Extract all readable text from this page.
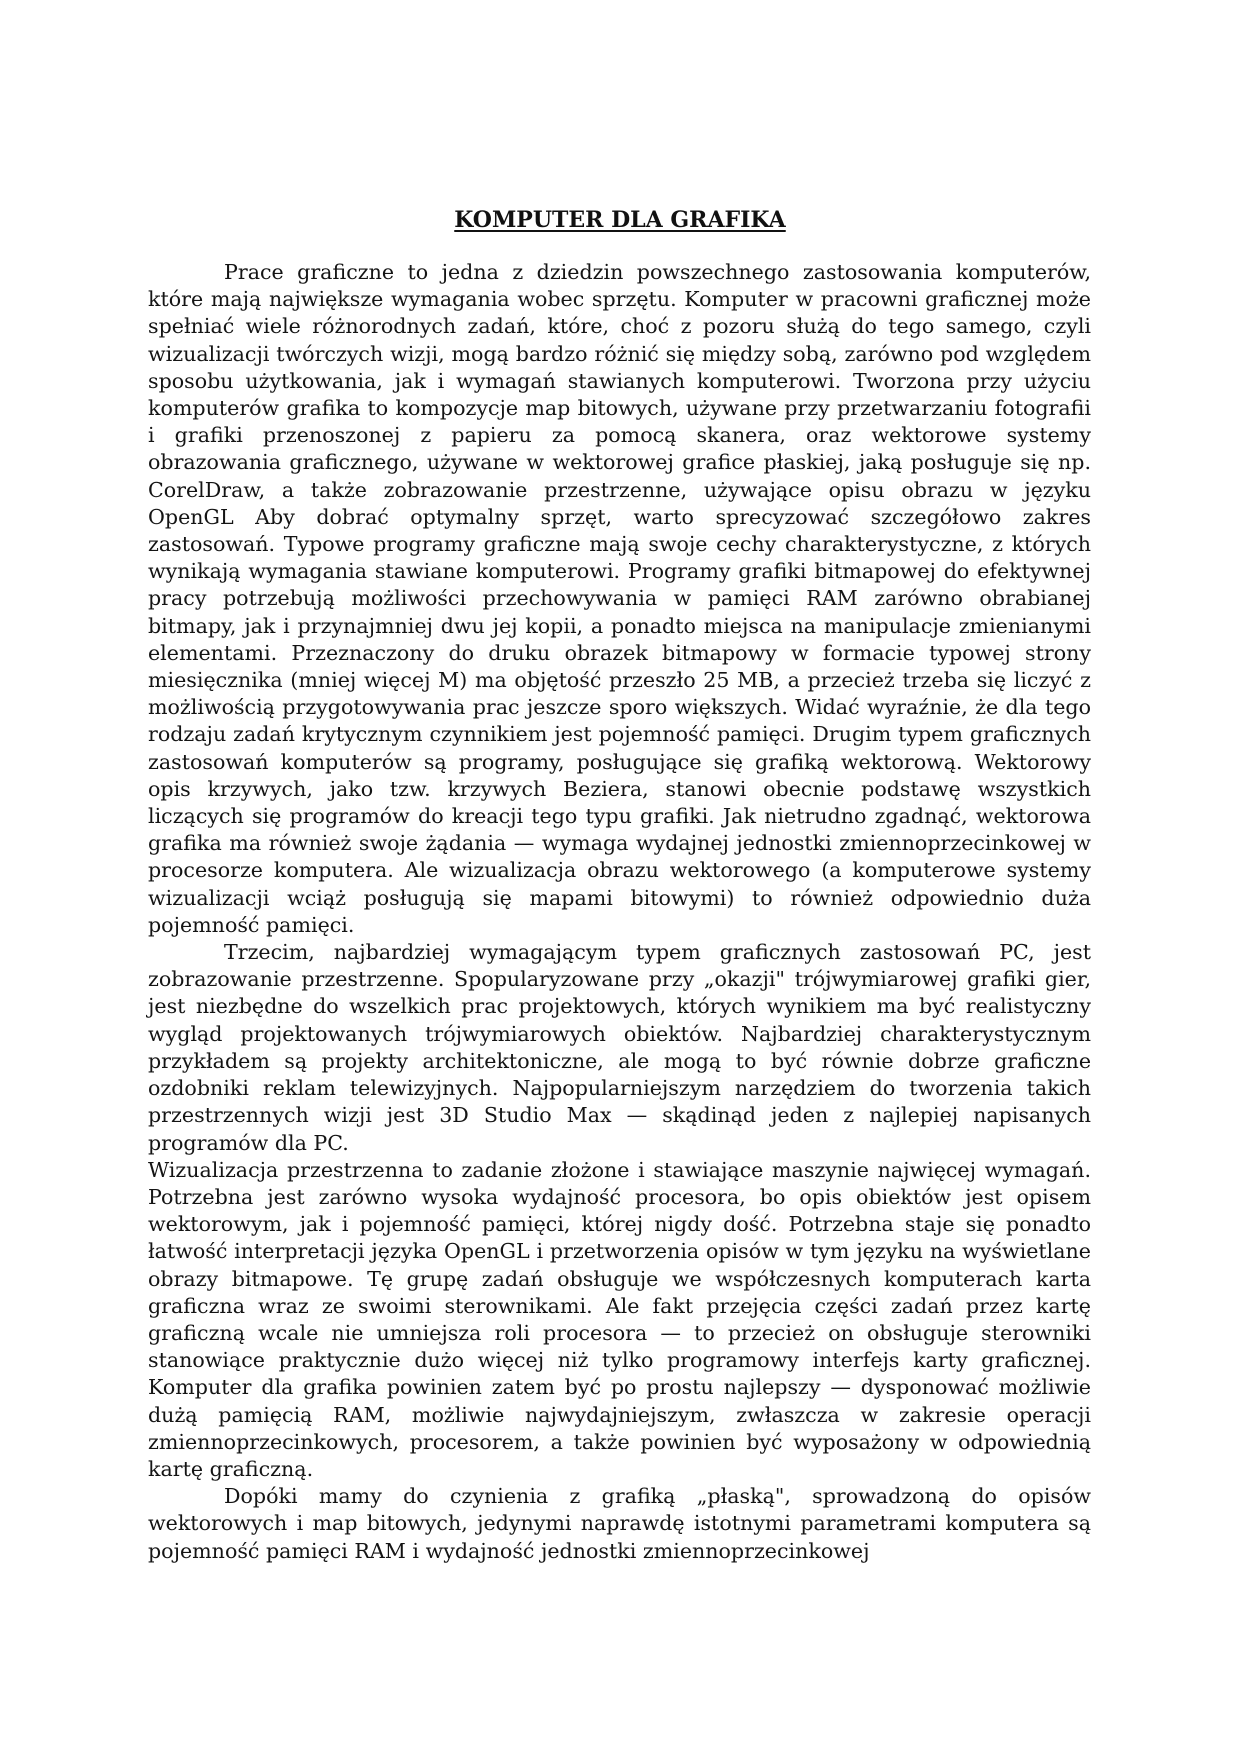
KOMPUTER DLA GRAFIKA

Prace graficzne to jedna z dziedzin powszechnego zastosowania komputerów, które mają największe wymagania wobec sprzętu. Komputer w pracowni graficznej może spełniać wiele różnorodnych zadań, które, choć z pozoru służą do tego samego, czyli wizualizacji twórczych wizji, mogą bardzo różnić się między sobą, zarówno pod względem sposobu użytkowania, jak i wymagań stawianych komputerowi. Tworzona przy użyciu komputerów grafika to kompozycje map bitowych, używane przy przetwarzaniu fotografii i grafiki przenoszonej z papieru za pomocą skanera, oraz wektorowe systemy obrazowania graficznego, używane w wektorowej grafice płaskiej, jaką posługuje się np. CorelDraw, a także zobrazowanie przestrzenne, używające opisu obrazu w języku OpenGL Aby dobrać optymalny sprzęt, warto sprecyzować szczegółowo zakres zastosowań. Typowe programy graficzne mają swoje cechy charakterystyczne, z których wynikają wymagania stawiane komputerowi. Programy grafiki bitmapowej do efektywnej pracy potrzebują możliwości przechowywania w pamięci RAM zarówno obrabianej bitmapy, jak i przynajmniej dwu jej kopii, a ponadto miejsca na manipulacje zmienianymi elementami. Przeznaczony do druku obrazek bitmapowy w formacie typowej strony miesięcznika (mniej więcej M) ma objętość przeszło 25 MB, a przecież trzeba się liczyć z możliwością przygotowywania prac jeszcze sporo większych. Widać wyraźnie, że dla tego rodzaju zadań krytycznym czynnikiem jest pojemność pamięci. Drugim typem graficznych zastosowań komputerów są programy, posługujące się grafiką wektorową. Wektorowy opis krzywych, jako tzw. krzywych Beziera, stanowi obecnie podstawę wszystkich liczących się programów do kreacji tego typu grafiki. Jak nietrudno zgadnąć, wektorowa grafika ma również swoje żądania — wymaga wydajnej jednostki zmiennoprzecinkowej w procesorze komputera. Ale wizualizacja obrazu wektorowego (a komputerowe systemy wizualizacji wciąż posługują się mapami bitowymi) to również odpowiednio duża pojemność pamięci.

Trzecim, najbardziej wymagającym typem graficznych zastosowań PC, jest zobrazowanie przestrzenne. Spopularyzowane przy „okazji" trójwymiarowej grafiki gier, jest niezbędne do wszelkich prac projektowych, których wynikiem ma być realistyczny wygląd projektowanych trójwymiarowych obiektów. Najbardziej charakterystycznym przykładem są projekty architektoniczne, ale mogą to być równie dobrze graficzne ozdobniki reklam telewizyjnych. Najpopularniejszym narzędziem do tworzenia takich przestrzennych wizji jest 3D Studio Max — skądinąd jeden z najlepiej napisanych programów dla PC.

Wizualizacja przestrzenna to zadanie złożone i stawiające maszynie najwięcej wymagań. Potrzebna jest zarówno wysoka wydajność procesora, bo opis obiektów jest opisem wektorowym, jak i pojemność pamięci, której nigdy dość. Potrzebna staje się ponadto łatwość interpretacji języka OpenGL i przetworzenia opisów w tym języku na wyświetlane obrazy bitmapowe. Tę grupę zadań obsługuje we współczesnych komputerach karta graficzna wraz ze swoimi sterownikami. Ale fakt przejęcia części zadań przez kartę graficzną wcale nie umniejsza roli procesora — to przecież on obsługuje sterowniki stanowiące praktycznie dużo więcej niż tylko programowy interfejs karty graficznej. Komputer dla grafika powinien zatem być po prostu najlepszy — dysponować możliwie dużą pamięcią RAM, możliwie najwydajniejszym, zwłaszcza w zakresie operacji zmiennoprzecinkowych, procesorem, a także powinien być wyposażony w odpowiednią kartę graficzną.

Dopóki mamy do czynienia z grafiką „płaską", sprowadzoną do opisów wektorowych i map bitowych, jedynymi naprawdę istotnymi parametrami komputera są pojemność pamięci RAM i wydajność jednostki zmiennoprzecinkowej
